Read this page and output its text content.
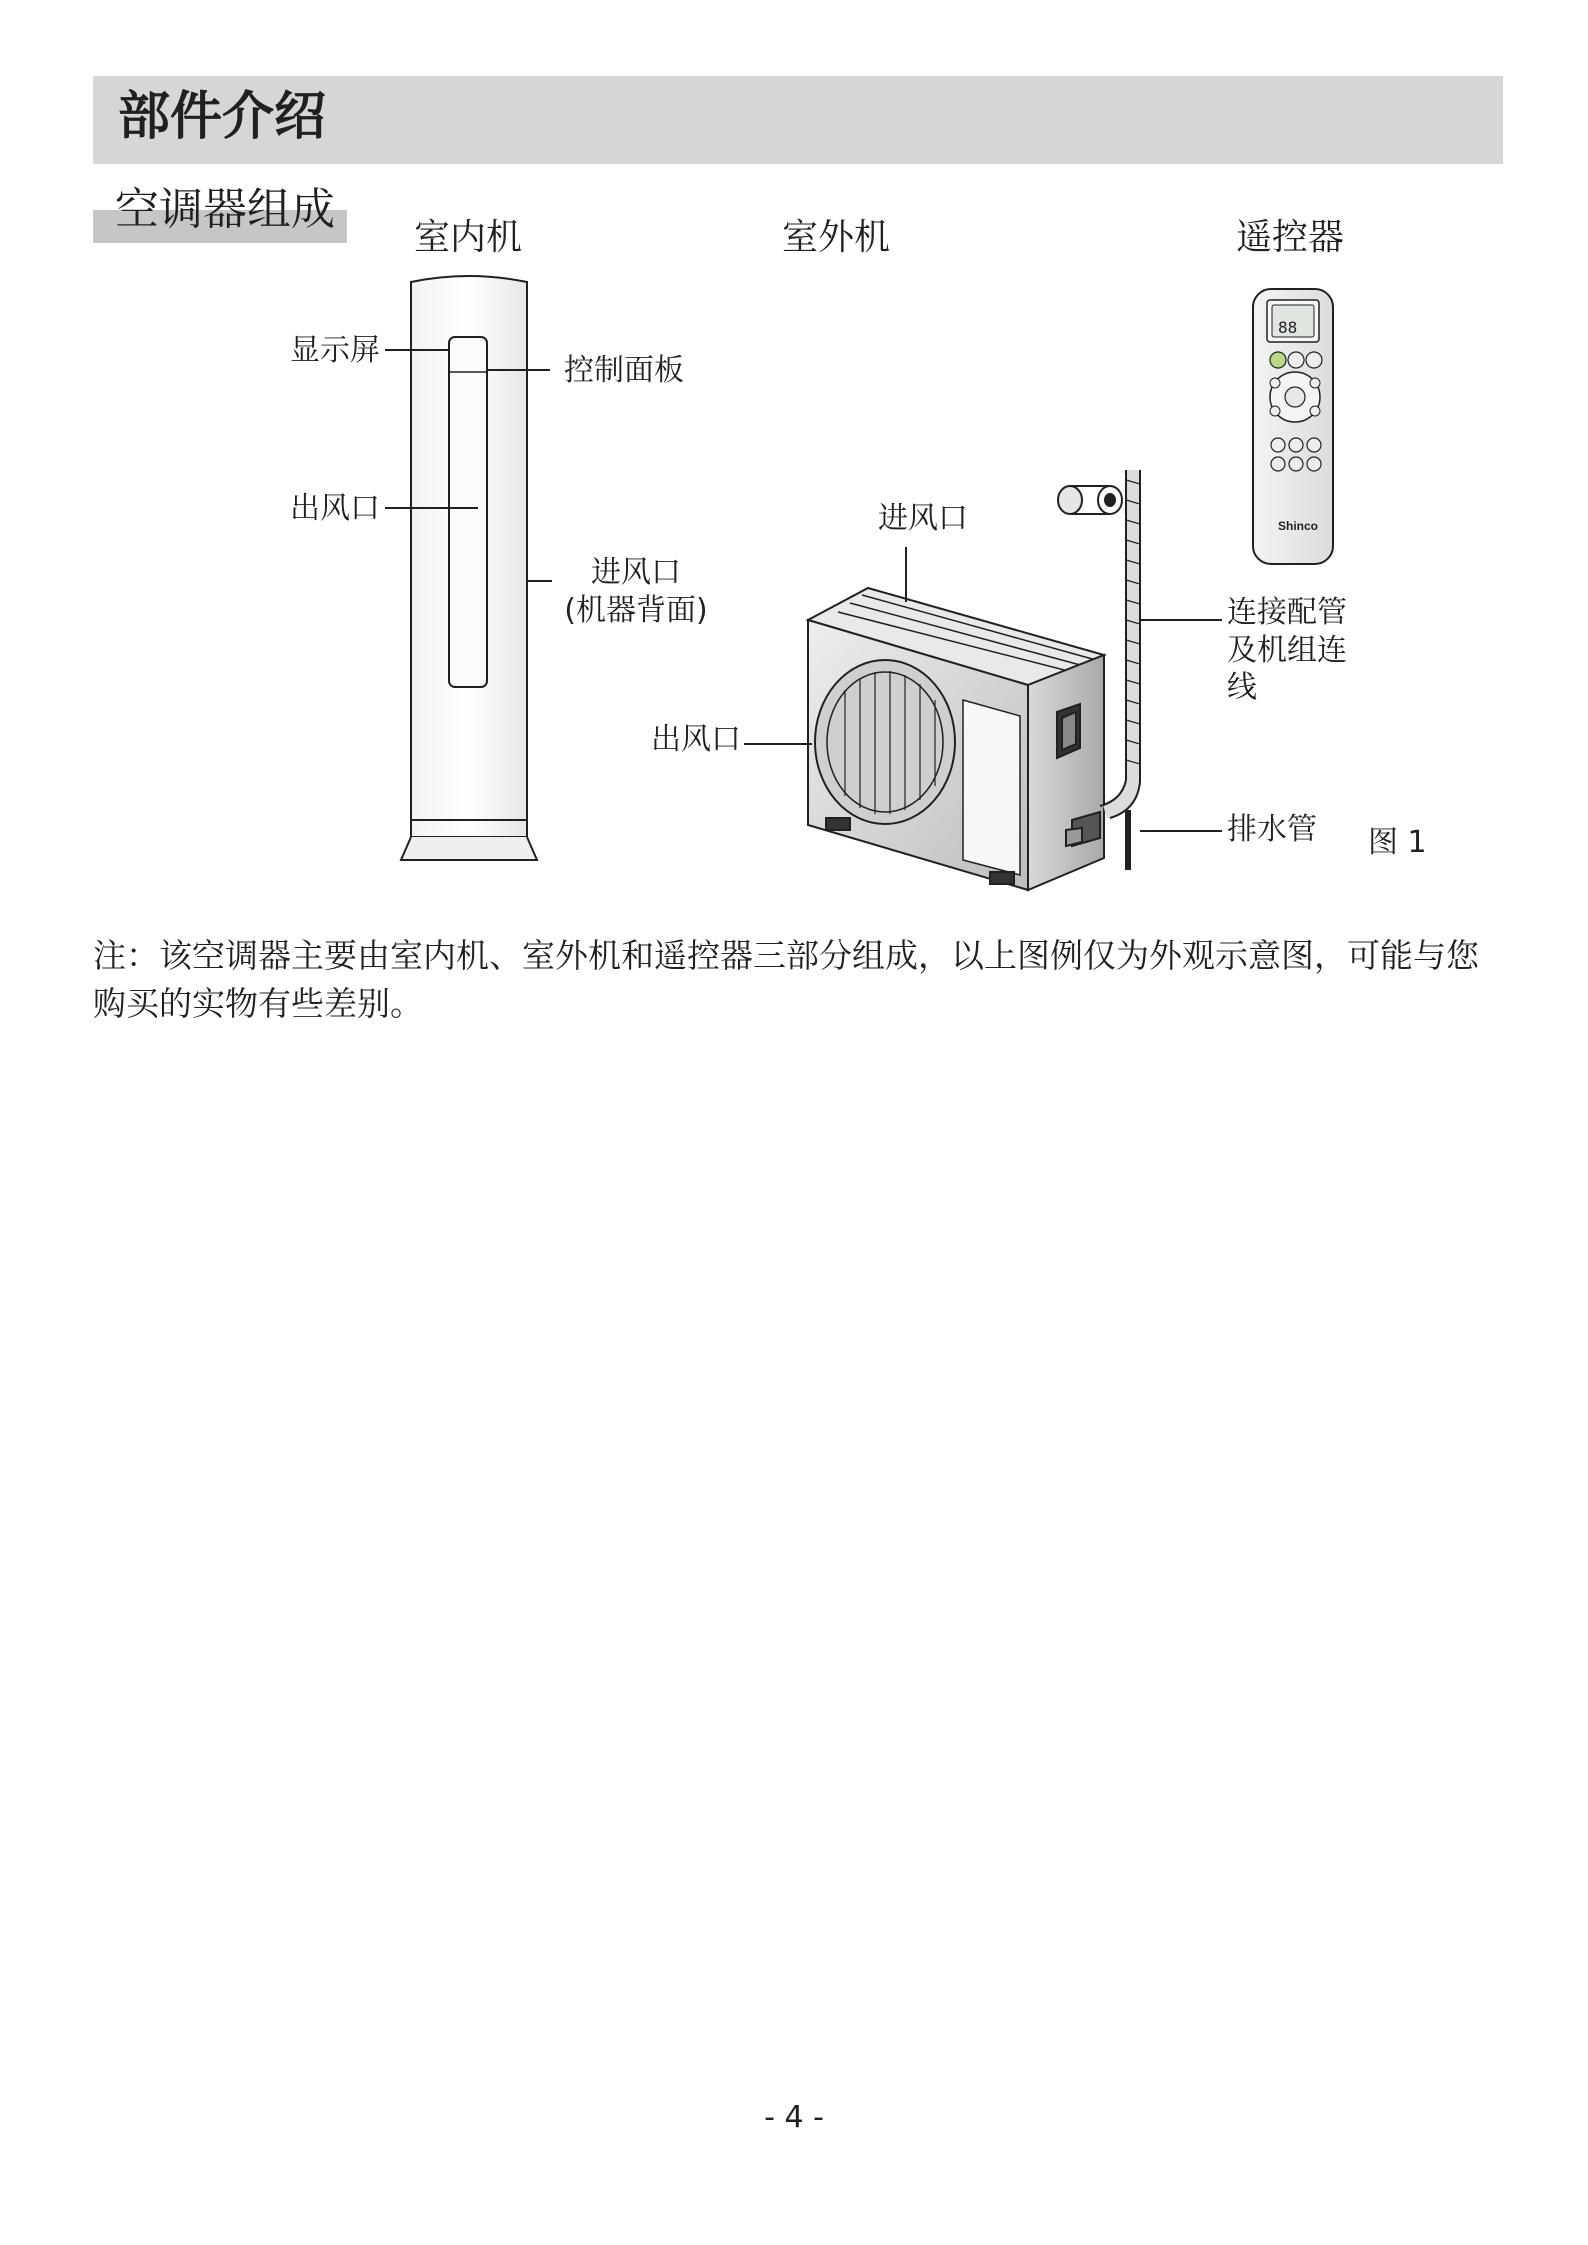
部件介绍
空调器组成
室内机	室外机	遥控器
88
Shinco
显示屏
控制面板
出风口
进风口
(机器背面)
进风口
出风口
连接配管
及机组连
线
排水管 图 1
注：该空调器主要由室内机、室外机和遥控器三部分组成，以上图例仅为外观示意图，可能与您购买的实物有些差别。
- 4 -
